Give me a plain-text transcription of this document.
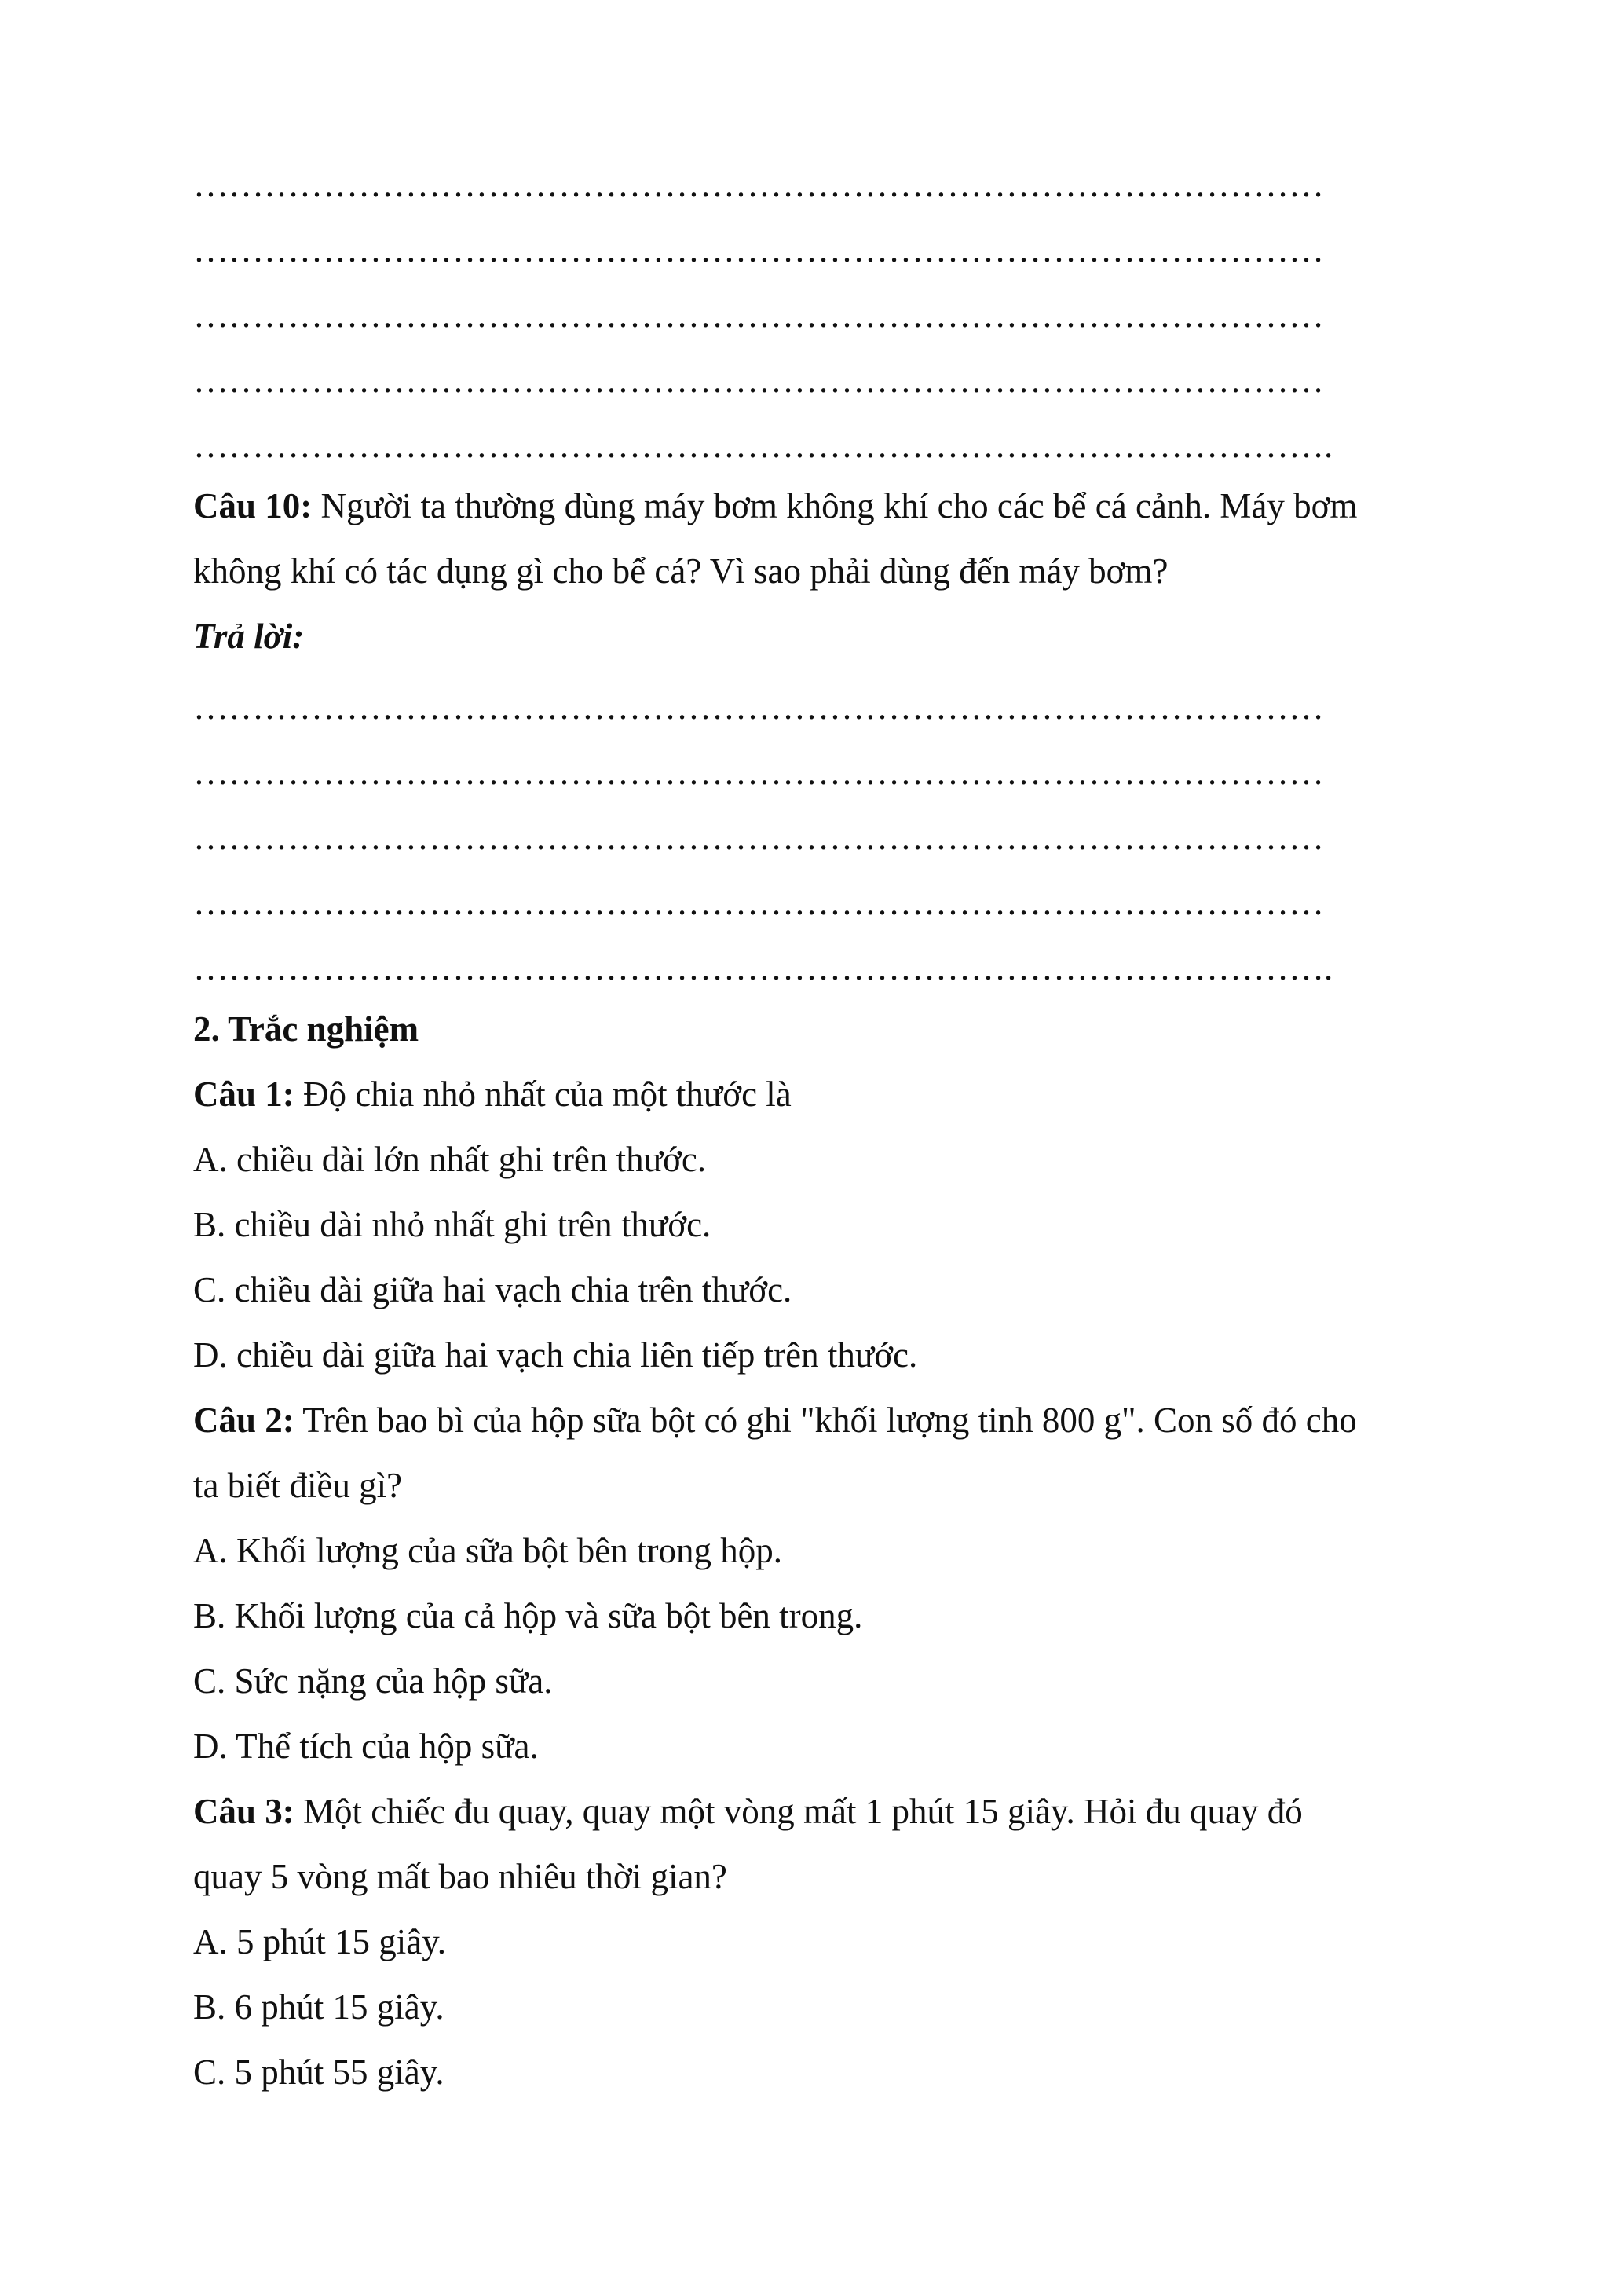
……………………………………………………………………………………
……………………………………………………………………………………
……………………………………………………………………………………
……………………………………………………………………………………
…………………………………………………………………………………….
Câu 10: Người ta thường dùng máy bơm không khí cho các bể cá cảnh. Máy bơm
không khí có tác dụng gì cho bể cá? Vì sao phải dùng đến máy bơm?
Trả lời:
……………………………………………………………………………………
……………………………………………………………………………………
……………………………………………………………………………………
……………………………………………………………………………………
…………………………………………………………………………………….
2. Trắc nghiệm
Câu 1: Độ chia nhỏ nhất của một thước là
A. chiều dài lớn nhất ghi trên thước.
B. chiều dài nhỏ nhất ghi trên thước.
C. chiều dài giữa hai vạch chia trên thước.
D. chiều dài giữa hai vạch chia liên tiếp trên thước.
Câu 2: Trên bao bì của hộp sữa bột có ghi "khối lượng tinh 800 g". Con số đó cho
ta biết điều gì?
A. Khối lượng của sữa bột bên trong hộp.
B. Khối lượng của cả hộp và sữa bột bên trong.
C. Sức nặng của hộp sữa.
D. Thể tích của hộp sữa.
Câu 3: Một chiếc đu quay, quay một vòng mất 1 phút 15 giây. Hỏi đu quay đó
quay 5 vòng mất bao nhiêu thời gian?
A. 5 phút 15 giây.
B. 6 phút 15 giây.
C. 5 phút 55 giây.
